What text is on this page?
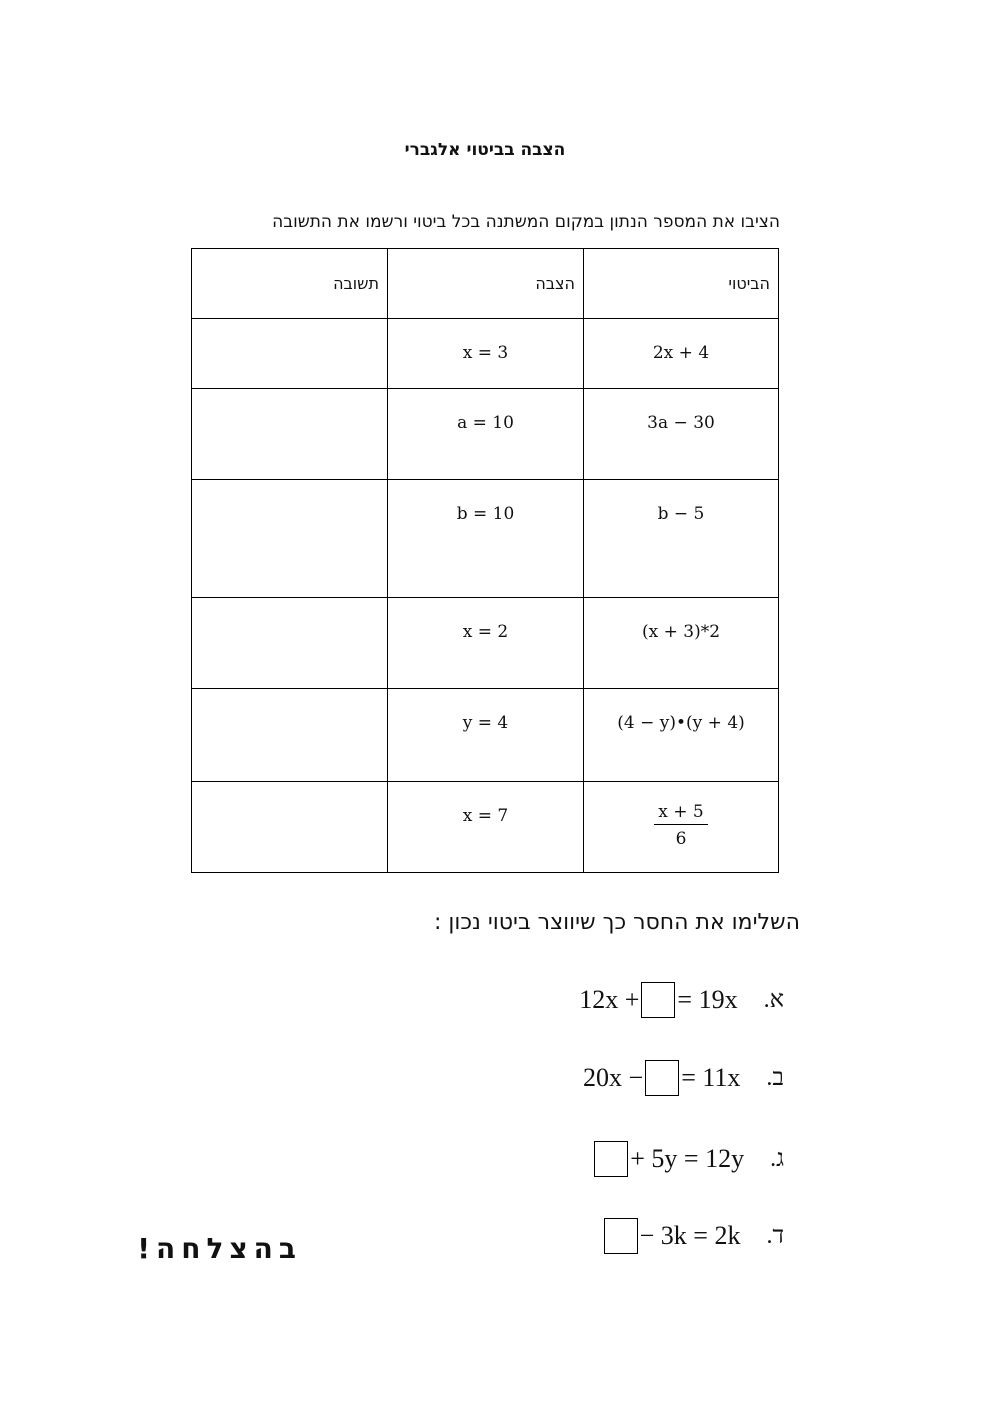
הצבה בביטוי אלגברי
הציבו את המספר הנתון במקום המשתנה בכל ביטוי ורשמו את התשובה
הביטוי	הצבה	תשובה
2x + 4	x = 3	
30 − 3a	a = 10	
b − 5	b = 10	
2*(3 + x)	x = 2	
(4 + y)•(4 − y)	y = 4	

$\frac{x + 5}{6}$	x = 7	
השלימו את החסר כך שיווצר ביטוי נכון :
12x + = 19x א.
20x − = 11x ב.
+ 5y = 12y ג.
− 3k = 2k ד.
בהצלחה!
